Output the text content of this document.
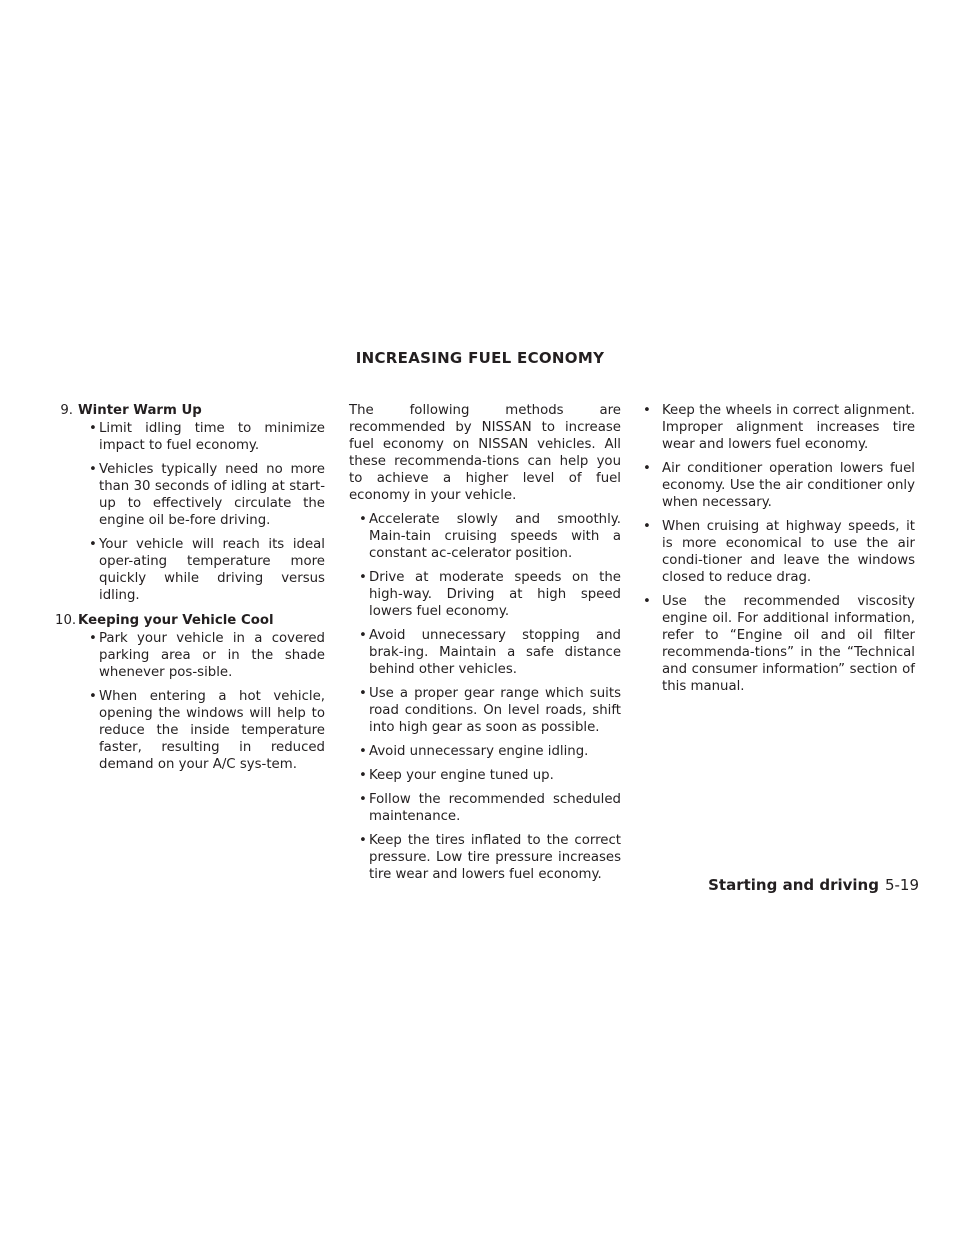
INCREASING FUEL ECONOMY
9. Winter Warm Up
• Limit idling time to minimize impact to fuel economy.
• Vehicles typically need no more than 30 seconds of idling at start-up to effectively circulate the engine oil be-fore driving.
• Your vehicle will reach its ideal oper-ating temperature more quickly while driving versus idling.
10. Keeping your Vehicle Cool
• Park your vehicle in a covered parking area or in the shade whenever pos-sible.
• When entering a hot vehicle, opening the windows will help to reduce the inside temperature faster, resulting in reduced demand on your A/C sys-tem.

The following methods are recommended by NISSAN to increase fuel economy on NISSAN vehicles. All these recommenda-tions can help you to achieve a higher level of fuel economy in your vehicle.

• Accelerate slowly and smoothly. Main-tain cruising speeds with a constant ac-celerator position.
• Drive at moderate speeds on the high-way. Driving at high speed lowers fuel economy.
• Avoid unnecessary stopping and brak-ing. Maintain a safe distance behind other vehicles.
• Use a proper gear range which suits road conditions. On level roads, shift into high gear as soon as possible.
• Avoid unnecessary engine idling.
• Keep your engine tuned up.
• Follow the recommended scheduled maintenance.
• Keep the tires inflated to the correct pressure. Low tire pressure increases tire wear and lowers fuel economy.
• Keep the wheels in correct alignment. Improper alignment increases tire wear and lowers fuel economy.
• Air conditioner operation lowers fuel economy. Use the air conditioner only when necessary.
• When cruising at highway speeds, it is more economical to use the air condi-tioner and leave the windows closed to reduce drag.
• Use the recommended viscosity engine oil. For additional information, refer to “Engine oil and oil filter recommenda-tions” in the “Technical and consumer information” section of this manual.
Starting and driving 5-19
